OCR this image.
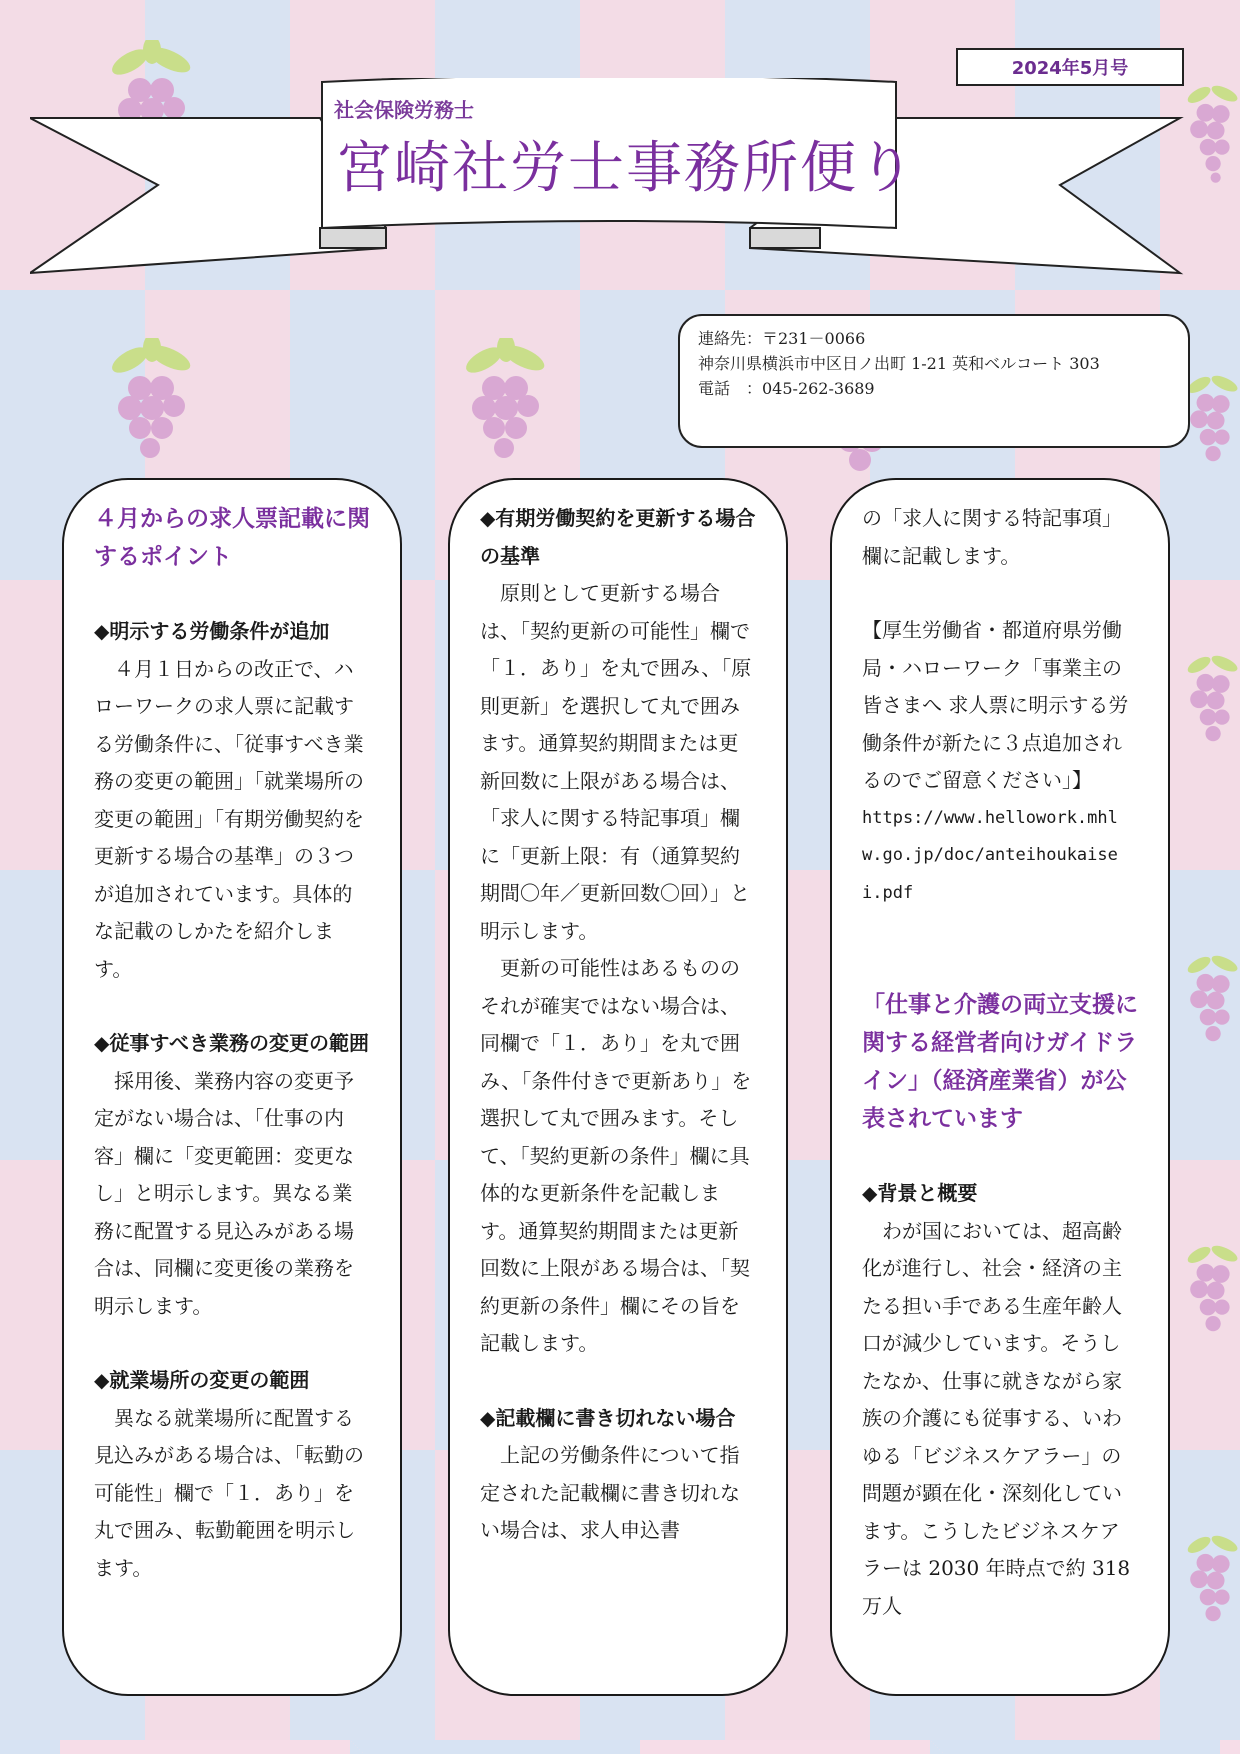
2024年5月号
社会保険労務士
宮崎社労士事務所便り
連絡先：〒231－0066
神奈川県横浜市中区日ノ出町 1-21 英和ベルコート 303
電話　：045-262-3689

４月からの求人票記載に関するポイント

◆明示する労働条件が追加

　４月１日からの改正で、ハローワークの求人票に記載する労働条件に、「従事すべき業務の変更の範囲」「就業場所の変更の範囲」「有期労働契約を更新する場合の基準」の３つが追加されています。具体的な記載のしかたを紹介します。

◆従事すべき業務の変更の範囲

　採用後、業務内容の変更予定がない場合は、「仕事の内容」欄に「変更範囲：変更なし」と明示します。異なる業務に配置する見込みがある場合は、同欄に変更後の業務を明示します。

◆就業場所の変更の範囲

　異なる就業場所に配置する見込みがある場合は、「転勤の可能性」欄で「１．あり」を丸で囲み、転勤範囲を明示します。

◆有期労働契約を更新する場合の基準

　原則として更新する場合は、「契約更新の可能性」欄で「１．あり」を丸で囲み、「原則更新」を選択して丸で囲みます。通算契約期間または更新回数に上限がある場合は、「求人に関する特記事項」欄に「更新上限：有（通算契約期間〇年／更新回数〇回）」と明示します。

　更新の可能性はあるもののそれが確実ではない場合は、同欄で「１．あり」を丸で囲み、「条件付きで更新あり」を選択して丸で囲みます。そして、「契約更新の条件」欄に具体的な更新条件を記載します。通算契約期間または更新回数に上限がある場合は、「契約更新の条件」欄にその旨を記載します。

◆記載欄に書き切れない場合

　上記の労働条件について指定された記載欄に書き切れない場合は、求人申込書

の「求人に関する特記事項」欄に記載します。

【厚生労働省・都道府県労働局・ハローワーク「事業主の皆さまへ 求人票に明示する労働条件が新たに３点追加されるのでご留意ください」】

https://www.hellowork.mhlw.go.jp/doc/anteihoukaisei.pdf

「仕事と介護の両立支援に関する経営者向けガイドライン」（経済産業省）が公表されています

◆背景と概要

　わが国においては、超高齢化が進行し、社会・経済の主たる担い手である生産年齢人口が減少しています。そうしたなか、仕事に就きながら家族の介護にも従事する、いわゆる「ビジネスケアラー」の問題が顕在化・深刻化しています。こうしたビジネスケアラーは 2030 年時点で約 318 万人
